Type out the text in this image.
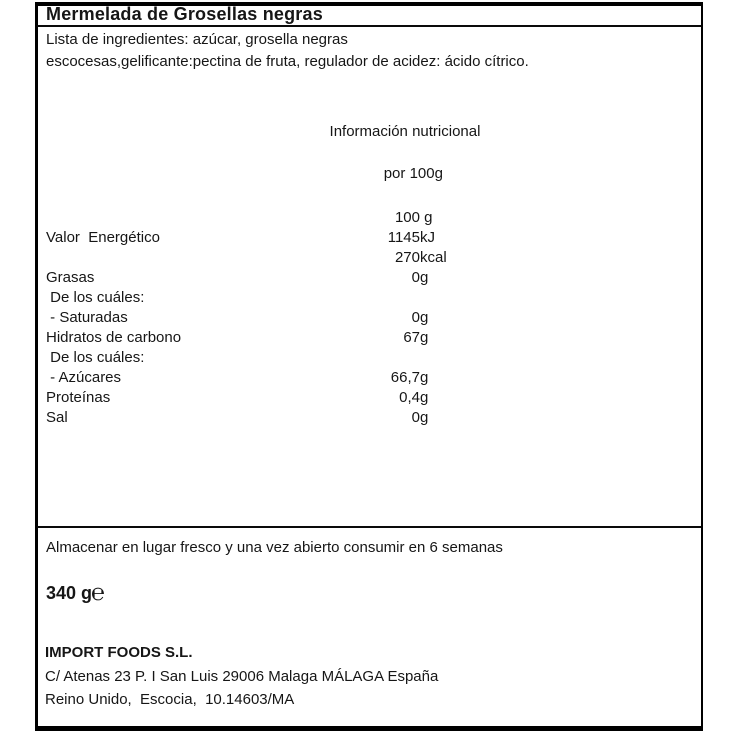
Mermelada de Grosellas negras
Lista de ingredientes: azúcar, grosella negras
escocesas,gelificante:pectina de fruta, regulador de acidez: ácido cítrico.
Información nutricional

por 100g

100 g
1145 kJ
Valor  Energético
270 kcal
0 g
Grasas
De los cuáles:
0 g
- Saturadas
67 g
Hidratos de carbono
De los cuáles:
66,7 g
- Azúcares
0,4 g
Proteínas
0 g
Sal
Almacenar en lugar fresco y una vez abierto consumir en 6 semanas
340 g℮
IMPORT FOODS S.L.
C/ Atenas 23 P. I San Luis 29006 Malaga MÁLAGA España
Reino Unido,  Escocia,  10.14603/MA
